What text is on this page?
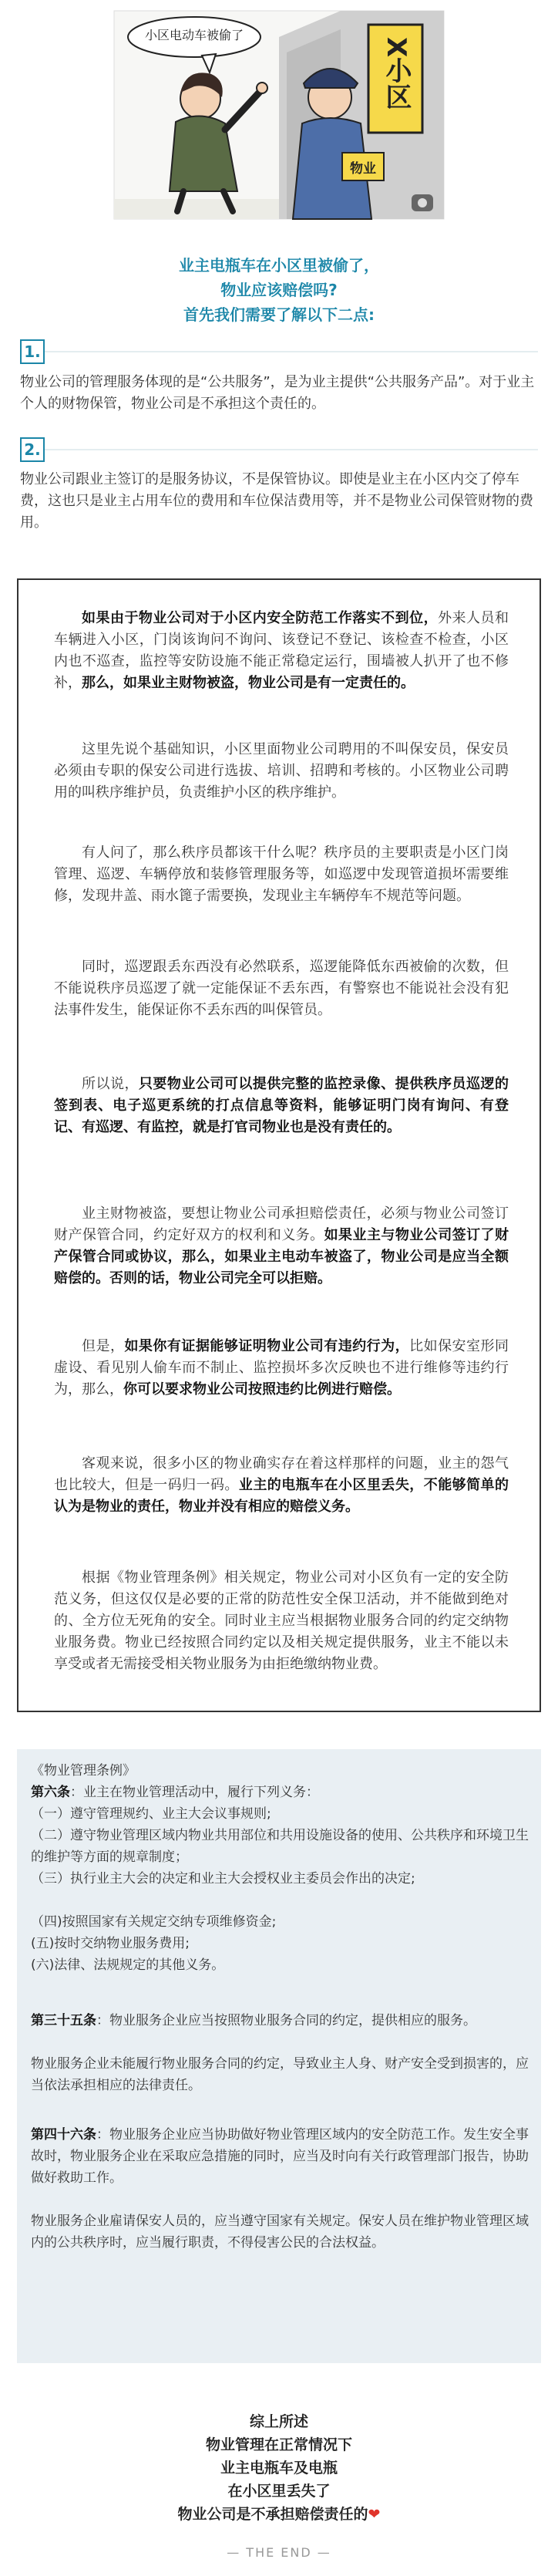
小区电动车被偷了
X小区
物业
业主电瓶车在小区里被偷了，
物业应该赔偿吗?
首先我们需要了解以下二点:
1.
物业公司的管理服务体现的是“公共服务”，是为业主提供“公共服务产品”。对于业主个人的财物保管，物业公司是不承担这个责任的。
2.
物业公司跟业主签订的是服务协议，不是保管协议。即使是业主在小区内交了停车费，这也只是业主占用车位的费用和车位保洁费用等，并不是物业公司保管财物的费用。
如果由于物业公司对于小区内安全防范工作落实不到位，外来人员和车辆进入小区，门岗该询问不询问、该登记不登记、该检查不检查，小区内也不巡查，监控等安防设施不能正常稳定运行，围墙被人扒开了也不修补，那么，如果业主财物被盗，物业公司是有一定责任的。
这里先说个基础知识，小区里面物业公司聘用的不叫保安员，保安员必须由专职的保安公司进行选拔、培训、招聘和考核的。小区物业公司聘用的叫秩序维护员，负责维护小区的秩序维护。
有人问了，那么秩序员都该干什么呢？秩序员的主要职责是小区门岗管理、巡逻、车辆停放和装修管理服务等，如巡逻中发现管道损坏需要维修，发现井盖、雨水篦子需要换，发现业主车辆停车不规范等问题。
同时，巡逻跟丢东西没有必然联系，巡逻能降低东西被偷的次数，但不能说秩序员巡逻了就一定能保证不丢东西，有警察也不能说社会没有犯法事件发生，能保证你不丢东西的叫保管员。
所以说，只要物业公司可以提供完整的监控录像、提供秩序员巡逻的签到表、电子巡更系统的打点信息等资料，能够证明门岗有询问、有登记、有巡逻、有监控，就是打官司物业也是没有责任的。
业主财物被盗，要想让物业公司承担赔偿责任，必须与物业公司签订财产保管合同，约定好双方的权利和义务。如果业主与物业公司签订了财产保管合同或协议，那么，如果业主电动车被盗了，物业公司是应当全额赔偿的。否则的话，物业公司完全可以拒赔。
但是，如果你有证据能够证明物业公司有违约行为，比如保安室形同虚设、看见别人偷车而不制止、监控损坏多次反映也不进行维修等违约行为，那么，你可以要求物业公司按照违约比例进行赔偿。
客观来说，很多小区的物业确实存在着这样那样的问题，业主的怨气也比较大，但是一码归一码。业主的电瓶车在小区里丢失，不能够简单的认为是物业的责任，物业并没有相应的赔偿义务。
根据《物业管理条例》相关规定，物业公司对小区负有一定的安全防范义务，但这仅仅是必要的正常的防范性安全保卫活动，并不能做到绝对的、全方位无死角的安全。同时业主应当根据物业服务合同的约定交纳物业服务费。物业已经按照合同约定以及相关规定提供服务，业主不能以未享受或者无需接受相关物业服务为由拒绝缴纳物业费。
《物业管理条例》
第六条：业主在物业管理活动中，履行下列义务：
（一）遵守管理规约、业主大会议事规则;
（二）遵守物业管理区域内物业共用部位和共用设施设备的使用、公共秩序和环境卫生的维护等方面的规章制度；
（三）执行业主大会的决定和业主大会授权业主委员会作出的决定;
（四)按照国家有关规定交纳专项维修资金;
(五)按时交纳物业服务费用;
(六)法律、法规规定的其他义务。
第三十五条：物业服务企业应当按照物业服务合同的约定，提供相应的服务。
物业服务企业未能履行物业服务合同的约定，导致业主人身、财产安全受到损害的，应当依法承担相应的法律责任。
第四十六条：物业服务企业应当协助做好物业管理区域内的安全防范工作。发生安全事故时，物业服务企业在采取应急措施的同时，应当及时向有关行政管理部门报告，协助做好救助工作。
物业服务企业雇请保安人员的，应当遵守国家有关规定。保安人员在维护物业管理区域内的公共秩序时，应当履行职责，不得侵害公民的合法权益。
综上所述
物业管理在正常情况下
业主电瓶车及电瓶
在小区里丢失了
物业公司是不承担赔偿责任的❤
— THE END —
